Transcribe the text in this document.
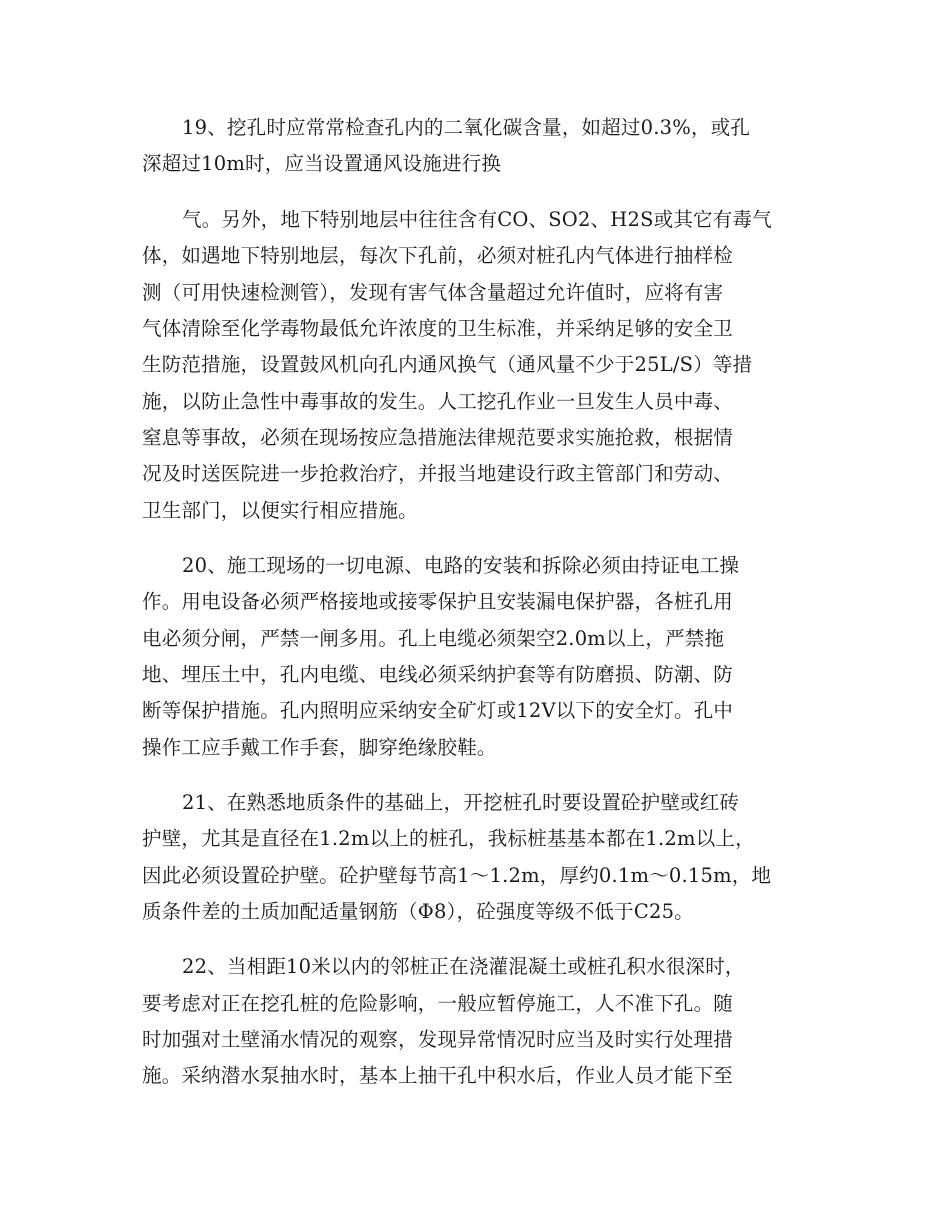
19、挖孔时应常常检查孔内的二氧化碳含量，如超过0.3%，或孔
深超过10m时，应当设置通风设施进行换
气。另外，地下特别地层中往往含有CO、SO2、H2S或其它有毒气
体，如遇地下特别地层，每次下孔前，必须对桩孔内气体进行抽样检
测（可用快速检测管），发现有害气体含量超过允许值时，应将有害
气体清除至化学毒物最低允许浓度的卫生标准，并采纳足够的安全卫
生防范措施，设置鼓风机向孔内通风换气（通风量不少于25L/S）等措
施，以防止急性中毒事故的发生。人工挖孔作业一旦发生人员中毒、
窒息等事故，必须在现场按应急措施法律规范要求实施抢救，根据情
况及时送医院进一步抢救治疗，并报当地建设行政主管部门和劳动、
卫生部门，以便实行相应措施。
20、施工现场的一切电源、电路的安装和拆除必须由持证电工操
作。用电设备必须严格接地或接零保护且安装漏电保护器，各桩孔用
电必须分闸，严禁一闸多用。孔上电缆必须架空2.0m以上，严禁拖
地、埋压土中，孔内电缆、电线必须采纳护套等有防磨损、防潮、防
断等保护措施。孔内照明应采纳安全矿灯或12V以下的安全灯。孔中
操作工应手戴工作手套，脚穿绝缘胶鞋。
21、在熟悉地质条件的基础上，开挖桩孔时要设置砼护壁或红砖
护壁，尤其是直径在1.2m以上的桩孔，我标桩基基本都在1.2m以上，
因此必须设置砼护壁。砼护壁每节高1～1.2m，厚约0.1m～0.15m，地
质条件差的土质加配适量钢筋（Φ8），砼强度等级不低于C25。
22、当相距10米以内的邻桩正在浇灌混凝土或桩孔积水很深时，
要考虑对正在挖孔桩的危险影响，一般应暂停施工，人不准下孔。随
时加强对土壁涌水情况的观察，发现异常情况时应当及时实行处理措
施。采纳潜水泵抽水时，基本上抽干孔中积水后，作业人员才能下至
